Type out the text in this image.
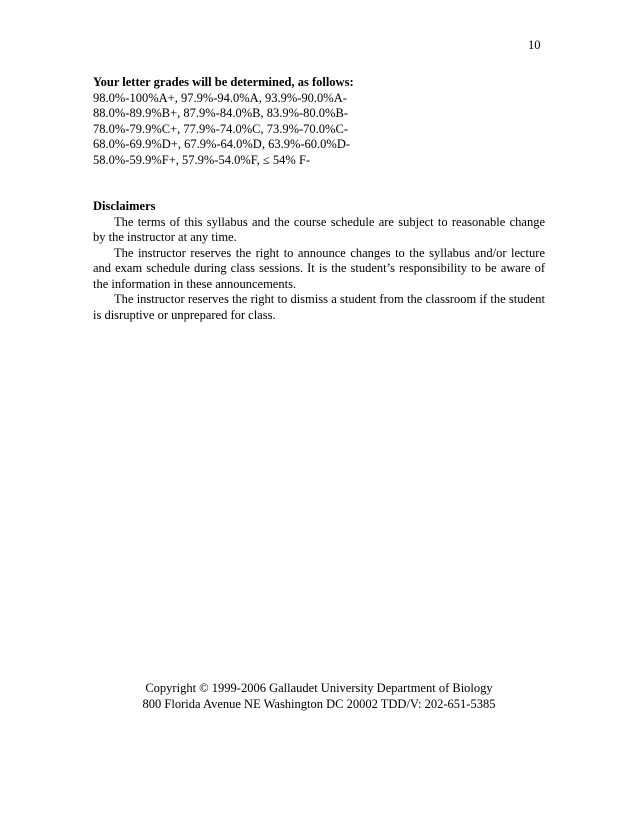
10

Your letter grades will be determined, as follows:

98.0%-100%A+, 97.9%-94.0%A, 93.9%-90.0%A-

88.0%-89.9%B+, 87.9%-84.0%B, 83.9%-80.0%B-

78.0%-79.9%C+, 77.9%-74.0%C, 73.9%-70.0%C-

68.0%-69.9%D+, 67.9%-64.0%D, 63.9%-60.0%D-

58.0%-59.9%F+, 57.9%-54.0%F, ≤ 54% F-

Disclaimers

The terms of this syllabus and the course schedule are subject to reasonable change by the instructor at any time.

The instructor reserves the right to announce changes to the syllabus and/or lecture and exam schedule during class sessions. It is the student’s responsibility to be aware of the information in these announcements.

The instructor reserves the right to dismiss a student from the classroom if the student is disruptive or unprepared for class.

Copyright © 1999-2006 Gallaudet University Department of Biology

800 Florida Avenue NE Washington DC 20002 TDD/V: 202-651-5385
